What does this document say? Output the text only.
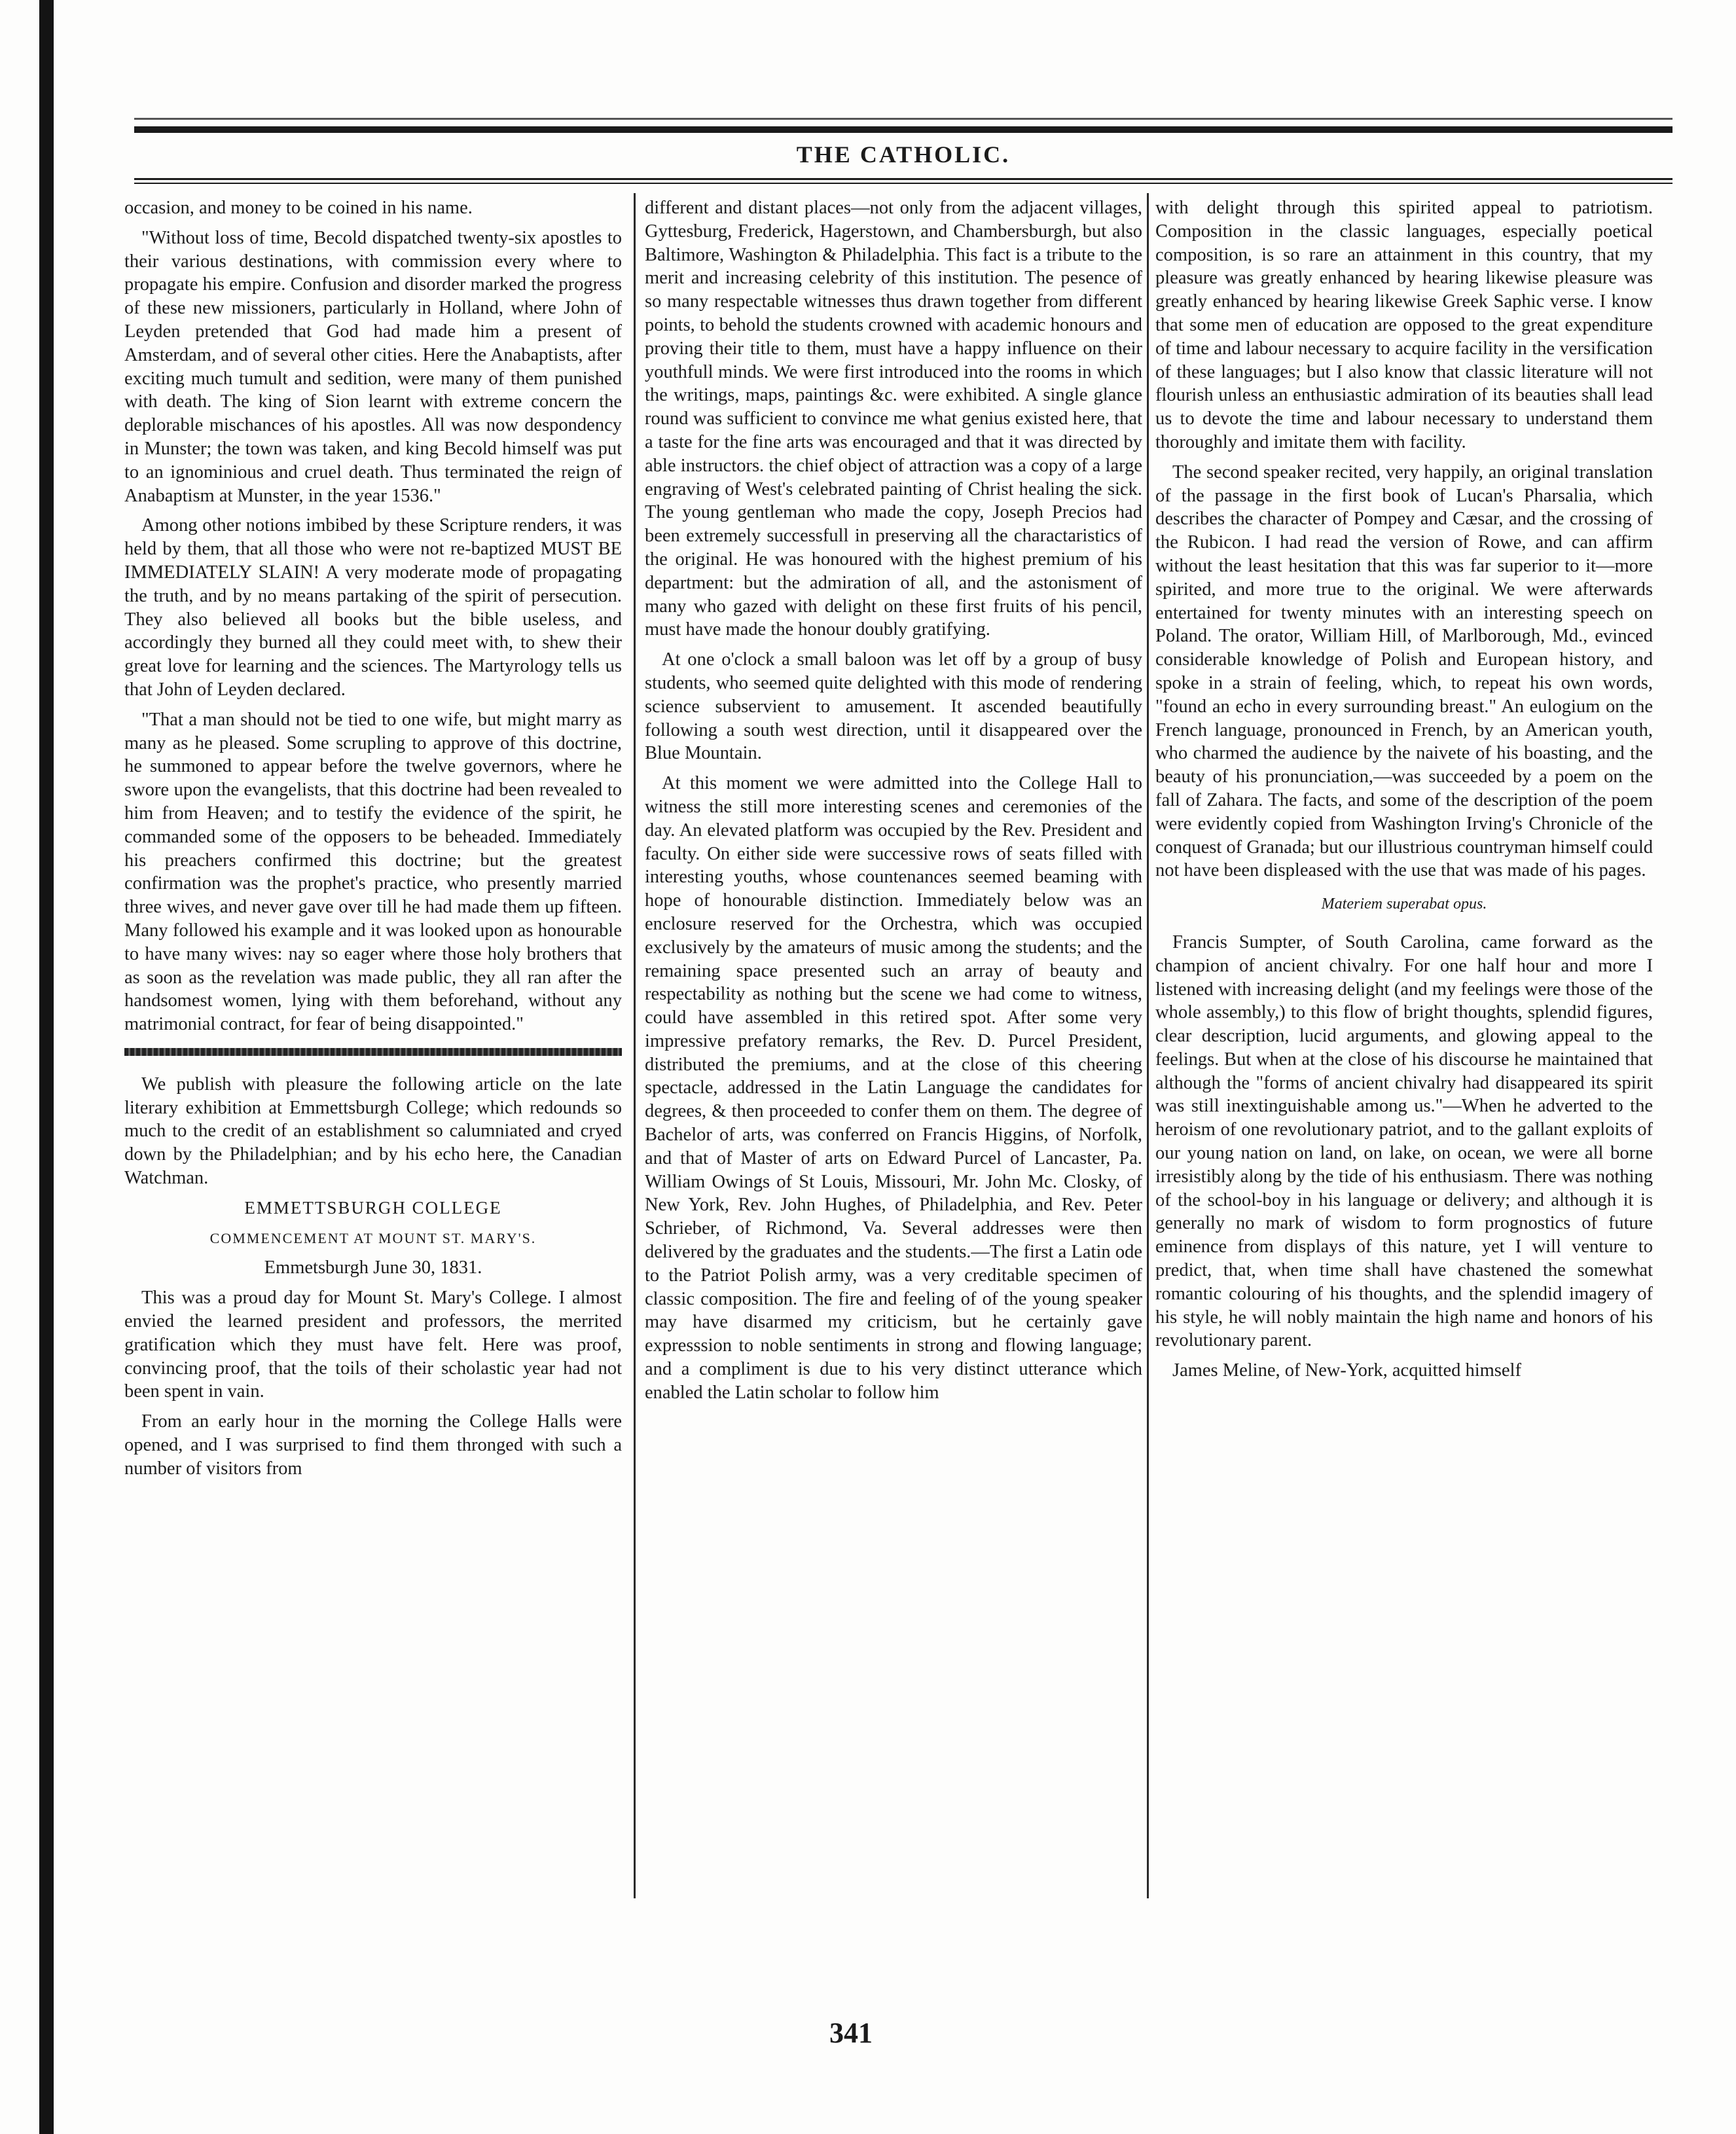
THE CATHOLIC.

occasion, and money to be coined in his name.

"Without loss of time, Becold dispatched twenty-six apostles to their various destinations, with commission every where to propagate his empire. Confusion and disorder marked the progress of these new missioners, particularly in Holland, where John of Leyden pretended that God had made him a present of Amsterdam, and of several other cities. Here the Anabaptists, after exciting much tumult and sedition, were many of them punished with death. The king of Sion learnt with extreme concern the deplorable mischances of his apostles. All was now despondency in Munster; the town was taken, and king Becold himself was put to an ignominious and cruel death. Thus terminated the reign of Anabaptism at Munster, in the year 1536."

Among other notions imbibed by these Scripture renders, it was held by them, that all those who were not re-baptized MUST BE IMMEDIATELY SLAIN! A very moderate mode of propagating the truth, and by no means partaking of the spirit of persecution. They also believed all books but the bible useless, and accordingly they burned all they could meet with, to shew their great love for learning and the sciences. The Martyrology tells us that John of Leyden declared.

"That a man should not be tied to one wife, but might marry as many as he pleased. Some scrupling to approve of this doctrine, he summoned to appear before the twelve governors, where he swore upon the evangelists, that this doctrine had been revealed to him from Heaven; and to testify the evidence of the spirit, he commanded some of the opposers to be beheaded. Immediately his preachers confirmed this doctrine; but the greatest confirmation was the prophet's practice, who presently married three wives, and never gave over till he had made them up fifteen. Many followed his example and it was looked upon as honourable to have many wives: nay so eager where those holy brothers that as soon as the revelation was made public, they all ran after the handsomest women, lying with them beforehand, without any matrimonial contract, for fear of being disappointed."

We publish with pleasure the following article on the late literary exhibition at Emmettsburgh College; which redounds so much to the credit of an establishment so calumniated and cryed down by the Philadelphian; and by his echo here, the Canadian Watchman.

EMMETTSBURGH COLLEGE

COMMENCEMENT AT MOUNT ST. MARY'S.

Emmetsburgh June 30, 1831.

This was a proud day for Mount St. Mary's College. I almost envied the learned president and professors, the merrited gratification which they must have felt. Here was proof, convincing proof, that the toils of their scholastic year had not been spent in vain.

From an early hour in the morning the College Halls were opened, and I was surprised to find them thronged with such a number of visitors from

different and distant places—not only from the adjacent villages, Gyttesburg, Frederick, Hagerstown, and Chambersburgh, but also Baltimore, Washington & Philadelphia. This fact is a tribute to the merit and increasing celebrity of this institution. The pesence of so many respectable witnesses thus drawn together from different points, to behold the students crowned with academic honours and proving their title to them, must have a happy influence on their youthfull minds. We were first introduced into the rooms in which the writings, maps, paintings &c. were exhibited. A single glance round was sufficient to convince me what genius existed here, that a taste for the fine arts was encouraged and that it was directed by able instructors. the chief object of attraction was a copy of a large engraving of West's celebrated painting of Christ healing the sick. The young gentleman who made the copy, Joseph Precios had been extremely successfull in preserving all the charactaristics of the original. He was honoured with the highest premium of his department: but the admiration of all, and the astonisment of many who gazed with delight on these first fruits of his pencil, must have made the honour doubly gratifying.

At one o'clock a small baloon was let off by a group of busy students, who seemed quite delighted with this mode of rendering science subservient to amusement. It ascended beautifully following a south west direction, until it disappeared over the Blue Mountain.

At this moment we were admitted into the College Hall to witness the still more interesting scenes and ceremonies of the day. An elevated platform was occupied by the Rev. President and faculty. On either side were successive rows of seats filled with interesting youths, whose countenances seemed beaming with hope of honourable distinction. Immediately below was an enclosure reserved for the Orchestra, which was occupied exclusively by the amateurs of music among the students; and the remaining space presented such an array of beauty and respectability as nothing but the scene we had come to witness, could have assembled in this retired spot. After some very impressive prefatory remarks, the Rev. D. Purcel President, distributed the premiums, and at the close of this cheering spectacle, addressed in the Latin Language the candidates for degrees, & then proceeded to confer them on them. The degree of Bachelor of arts, was conferred on Francis Higgins, of Norfolk, and that of Master of arts on Edward Purcel of Lancaster, Pa. William Owings of St Louis, Missouri, Mr. John Mc. Closky, of New York, Rev. John Hughes, of Philadelphia, and Rev. Peter Schrieber, of Richmond, Va. Several addresses were then delivered by the graduates and the students.—The first a Latin ode to the Patriot Polish army, was a very creditable specimen of classic composition. The fire and feeling of of the young speaker may have disarmed my criticism, but he certainly gave expresssion to noble sentiments in strong and flowing language; and a compliment is due to his very distinct utterance which enabled the Latin scholar to follow him

with delight through this spirited appeal to patriotism. Composition in the classic languages, especially poetical composition, is so rare an attainment in this country, that my pleasure was greatly enhanced by hearing likewise pleasure was greatly enhanced by hearing likewise Greek Saphic verse. I know that some men of education are opposed to the great expenditure of time and labour necessary to acquire facility in the versification of these languages; but I also know that classic literature will not flourish unless an enthusiastic admiration of its beauties shall lead us to devote the time and labour necessary to understand them thoroughly and imitate them with facility.

The second speaker recited, very happily, an original translation of the passage in the first book of Lucan's Pharsalia, which describes the character of Pompey and Cæsar, and the crossing of the Rubicon. I had read the version of Rowe, and can affirm without the least hesitation that this was far superior to it—more spirited, and more true to the original. We were afterwards entertained for twenty minutes with an interesting speech on Poland. The orator, William Hill, of Marlborough, Md., evinced considerable knowledge of Polish and European history, and spoke in a strain of feeling, which, to repeat his own words, "found an echo in every surrounding breast." An eulogium on the French language, pronounced in French, by an American youth, who charmed the audience by the naivete of his boasting, and the beauty of his pronunciation,—was succeeded by a poem on the fall of Zahara. The facts, and some of the description of the poem were evidently copied from Washington Irving's Chronicle of the conquest of Granada; but our illustrious countryman himself could not have been displeased with the use that was made of his pages.

Materiem superabat opus.

Francis Sumpter, of South Carolina, came forward as the champion of ancient chivalry. For one half hour and more I listened with increasing delight (and my feelings were those of the whole assembly,) to this flow of bright thoughts, splendid figures, clear description, lucid arguments, and glowing appeal to the feelings. But when at the close of his discourse he maintained that although the "forms of ancient chivalry had disappeared its spirit was still inextinguishable among us."—When he adverted to the heroism of one revolutionary patriot, and to the gallant exploits of our young nation on land, on lake, on ocean, we were all borne irresistibly along by the tide of his enthusiasm. There was nothing of the school-boy in his language or delivery; and although it is generally no mark of wisdom to form prognostics of future eminence from displays of this nature, yet I will venture to predict, that, when time shall have chastened the somewhat romantic colouring of his thoughts, and the splendid imagery of his style, he will nobly maintain the high name and honors of his revolutionary parent.

James Meline, of New-York, acquitted himself

341
